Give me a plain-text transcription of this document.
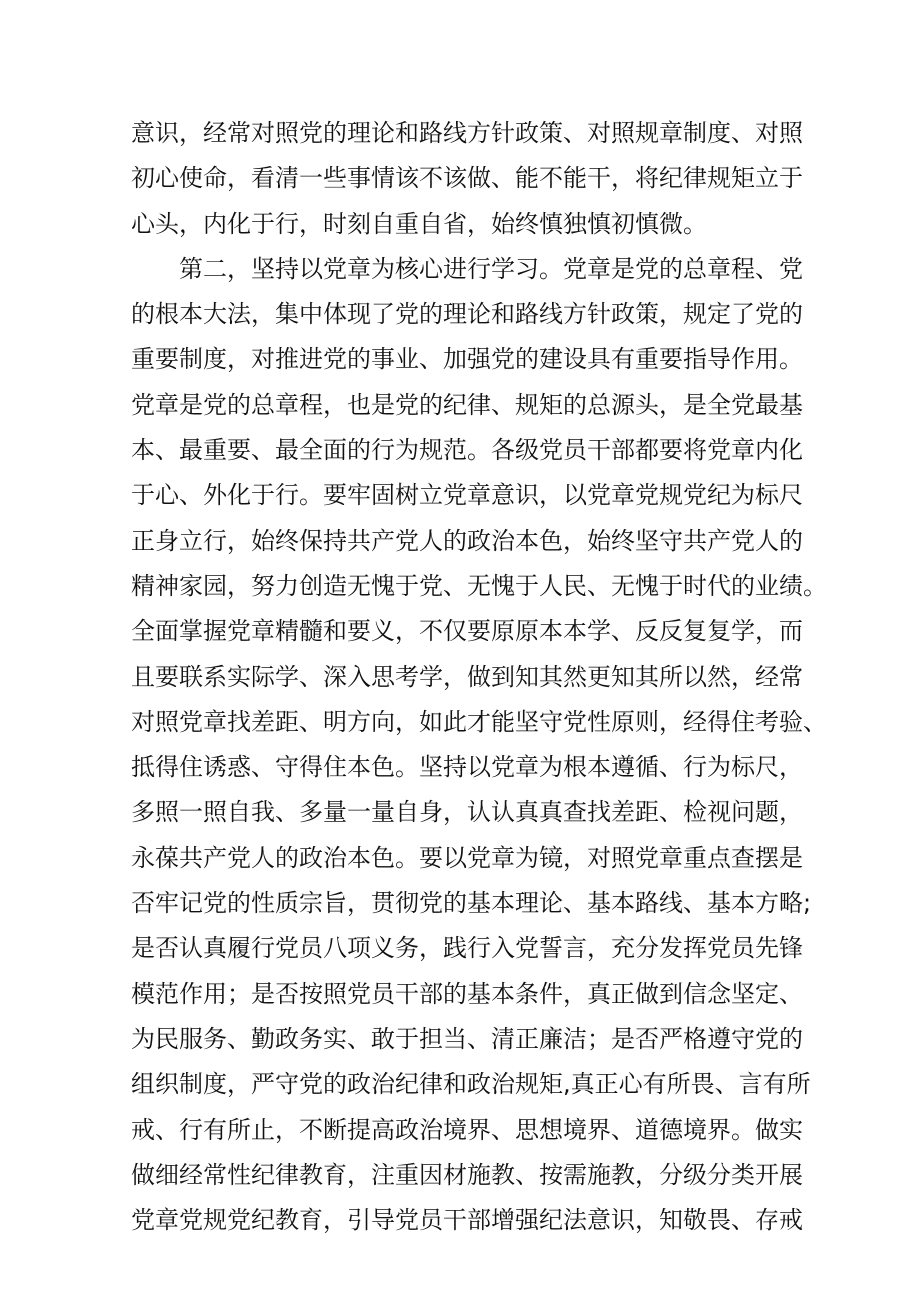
意识，经常对照党的理论和路线方针政策、对照规章制度、对照
初心使命，看清一些事情该不该做、能不能干，将纪律规矩立于
心头，内化于行，时刻自重自省，始终慎独慎初慎微。
第二，坚持以党章为核心进行学习。党章是党的总章程、党
的根本大法，集中体现了党的理论和路线方针政策，规定了党的
重要制度，对推进党的事业、加强党的建设具有重要指导作用。
党章是党的总章程，也是党的纪律、规矩的总源头，是全党最基
本、最重要、最全面的行为规范。各级党员干部都要将党章内化
于心、外化于行。要牢固树立党章意识，以党章党规党纪为标尺
正身立行，始终保持共产党人的政治本色，始终坚守共产党人的
精神家园，努力创造无愧于党、无愧于人民、无愧于时代的业绩。
全面掌握党章精髓和要义，不仅要原原本本学、反反复复学，而
且要联系实际学、深入思考学，做到知其然更知其所以然，经常
对照党章找差距、明方向，如此才能坚守党性原则，经得住考验、
抵得住诱惑、守得住本色。坚持以党章为根本遵循、行为标尺，
多照一照自我、多量一量自身，认认真真查找差距、检视问题，
永葆共产党人的政治本色。要以党章为镜，对照党章重点查摆是
否牢记党的性质宗旨，贯彻党的基本理论、基本路线、基本方略;
是否认真履行党员八项义务，践行入党誓言，充分发挥党员先锋
模范作用；是否按照党员干部的基本条件，真正做到信念坚定、
为民服务、勤政务实、敢于担当、清正廉洁；是否严格遵守党的
组织制度，严守党的政治纪律和政治规矩,真正心有所畏、言有所
戒、行有所止，不断提高政治境界、思想境界、道德境界。做实
做细经常性纪律教育，注重因材施教、按需施教，分级分类开展
党章党规党纪教育，引导党员干部增强纪法意识，知敬畏、存戒
